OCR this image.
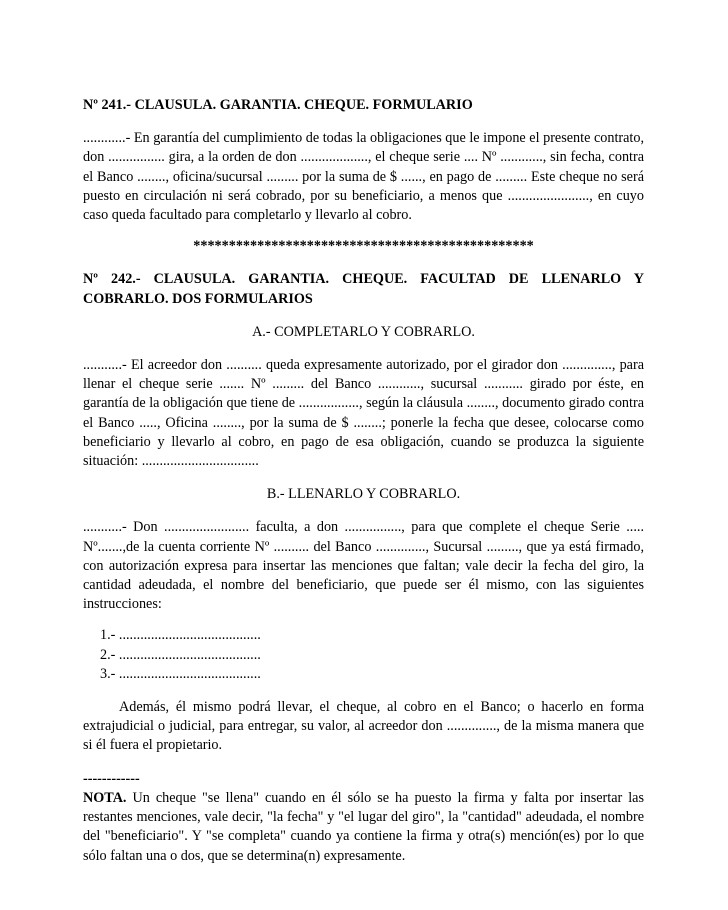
Nº 241.- CLAUSULA. GARANTIA. CHEQUE. FORMULARIO

............- En garantía del cumplimiento de todas la obligaciones que le impone el presente contrato, don ................ gira, a la orden de don ..................., el cheque serie .... Nº ............, sin fecha, contra el Banco ........, oficina/sucursal ......... por la suma de $ ......, en pago de ......... Este cheque no será puesto en circulación ni será cobrado, por su beneficiario, a menos que ......................., en cuyo caso queda facultado para completarlo y llevarlo al cobro.

************************************************

Nº 242.- CLAUSULA. GARANTIA. CHEQUE. FACULTAD DE LLENARLO Y COBRARLO. DOS FORMULARIOS

A.- COMPLETARLO Y COBRARLO.

...........- El acreedor don .......... queda expresamente autorizado, por el girador don .............., para llenar el cheque serie ....... Nº ......... del Banco ............, sucursal ........... girado por éste, en garantía de la obligación que tiene de ................., según la cláusula ........, documento girado contra el Banco ....., Oficina ........, por la suma de $ ........; ponerle la fecha que desee, colocarse como beneficiario y llevarlo al cobro, en pago de esa obligación, cuando se produzca la siguiente situación: .................................

B.- LLENARLO Y COBRARLO.

...........- Don ........................ faculta, a don ................, para que complete el cheque Serie ..... Nº.......,de la cuenta corriente Nº .......... del Banco .............., Sucursal ........., que ya está firmado, con autorización expresa para insertar las menciones que faltan; vale decir la fecha del giro, la cantidad adeudada, el nombre del beneficiario, que puede ser él mismo, con las siguientes instrucciones:

1.- ........................................
2.- ........................................
3.- ........................................

Además, él mismo podrá llevar, el cheque, al cobro en el Banco; o hacerlo en forma extrajudicial o judicial, para entregar, su valor, al acreedor don .............., de la misma manera que si él fuera el propietario.

------------

NOTA. Un cheque "se llena" cuando en él sólo se ha puesto la firma y falta por insertar las restantes menciones, vale decir, "la fecha" y "el lugar del giro", la "cantidad" adeudada, el nombre del "beneficiario". Y "se completa" cuando ya contiene la firma y otra(s) mención(es) por lo que sólo faltan una o dos, que se determina(n) expresamente.
